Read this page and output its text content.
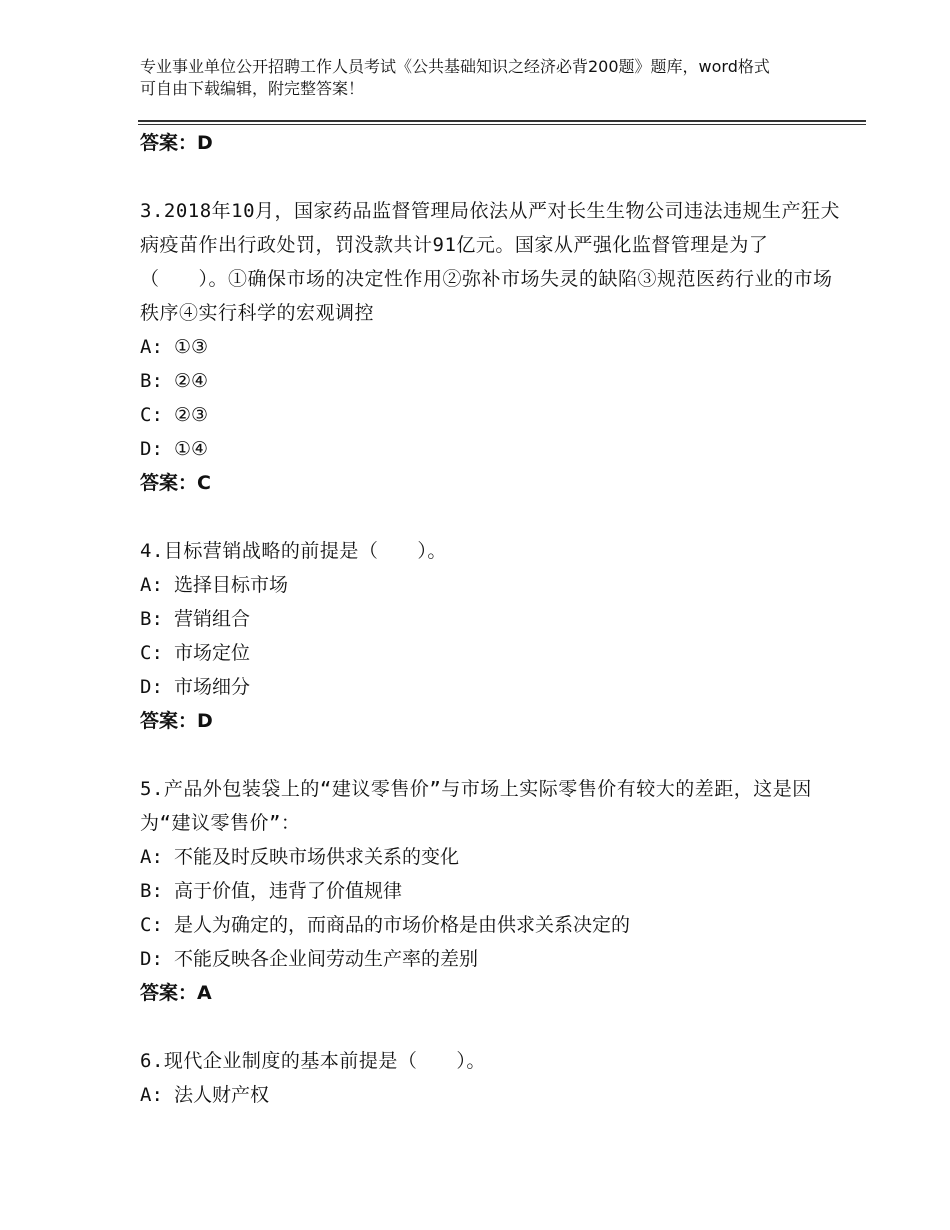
专业事业单位公开招聘工作人员考试《公共基础知识之经济必背200题》题库，word格式可自由下载编辑，附完整答案！

答案：D

3.2018年10月，国家药品监督管理局依法从严对长生生物公司违法违规生产狂犬病疫苗作出行政处罚，罚没款共计91亿元。国家从严强化监督管理是为了（　　）。①确保市场的决定性作用②弥补市场失灵的缺陷③规范医药行业的市场秩序④实行科学的宏观调控

A: ①③
B: ②④
C: ②③
D: ①④

答案：C

4.目标营销战略的前提是（　　）。

A: 选择目标市场
B: 营销组合
C: 市场定位
D: 市场细分

答案：D

5.产品外包装袋上的“建议零售价”与市场上实际零售价有较大的差距，这是因为“建议零售价”：

A: 不能及时反映市场供求关系的变化
B: 高于价值，违背了价值规律
C: 是人为确定的，而商品的市场价格是由供求关系决定的
D: 不能反映各企业间劳动生产率的差别

答案：A

6.现代企业制度的基本前提是（　　）。

A: 法人财产权
